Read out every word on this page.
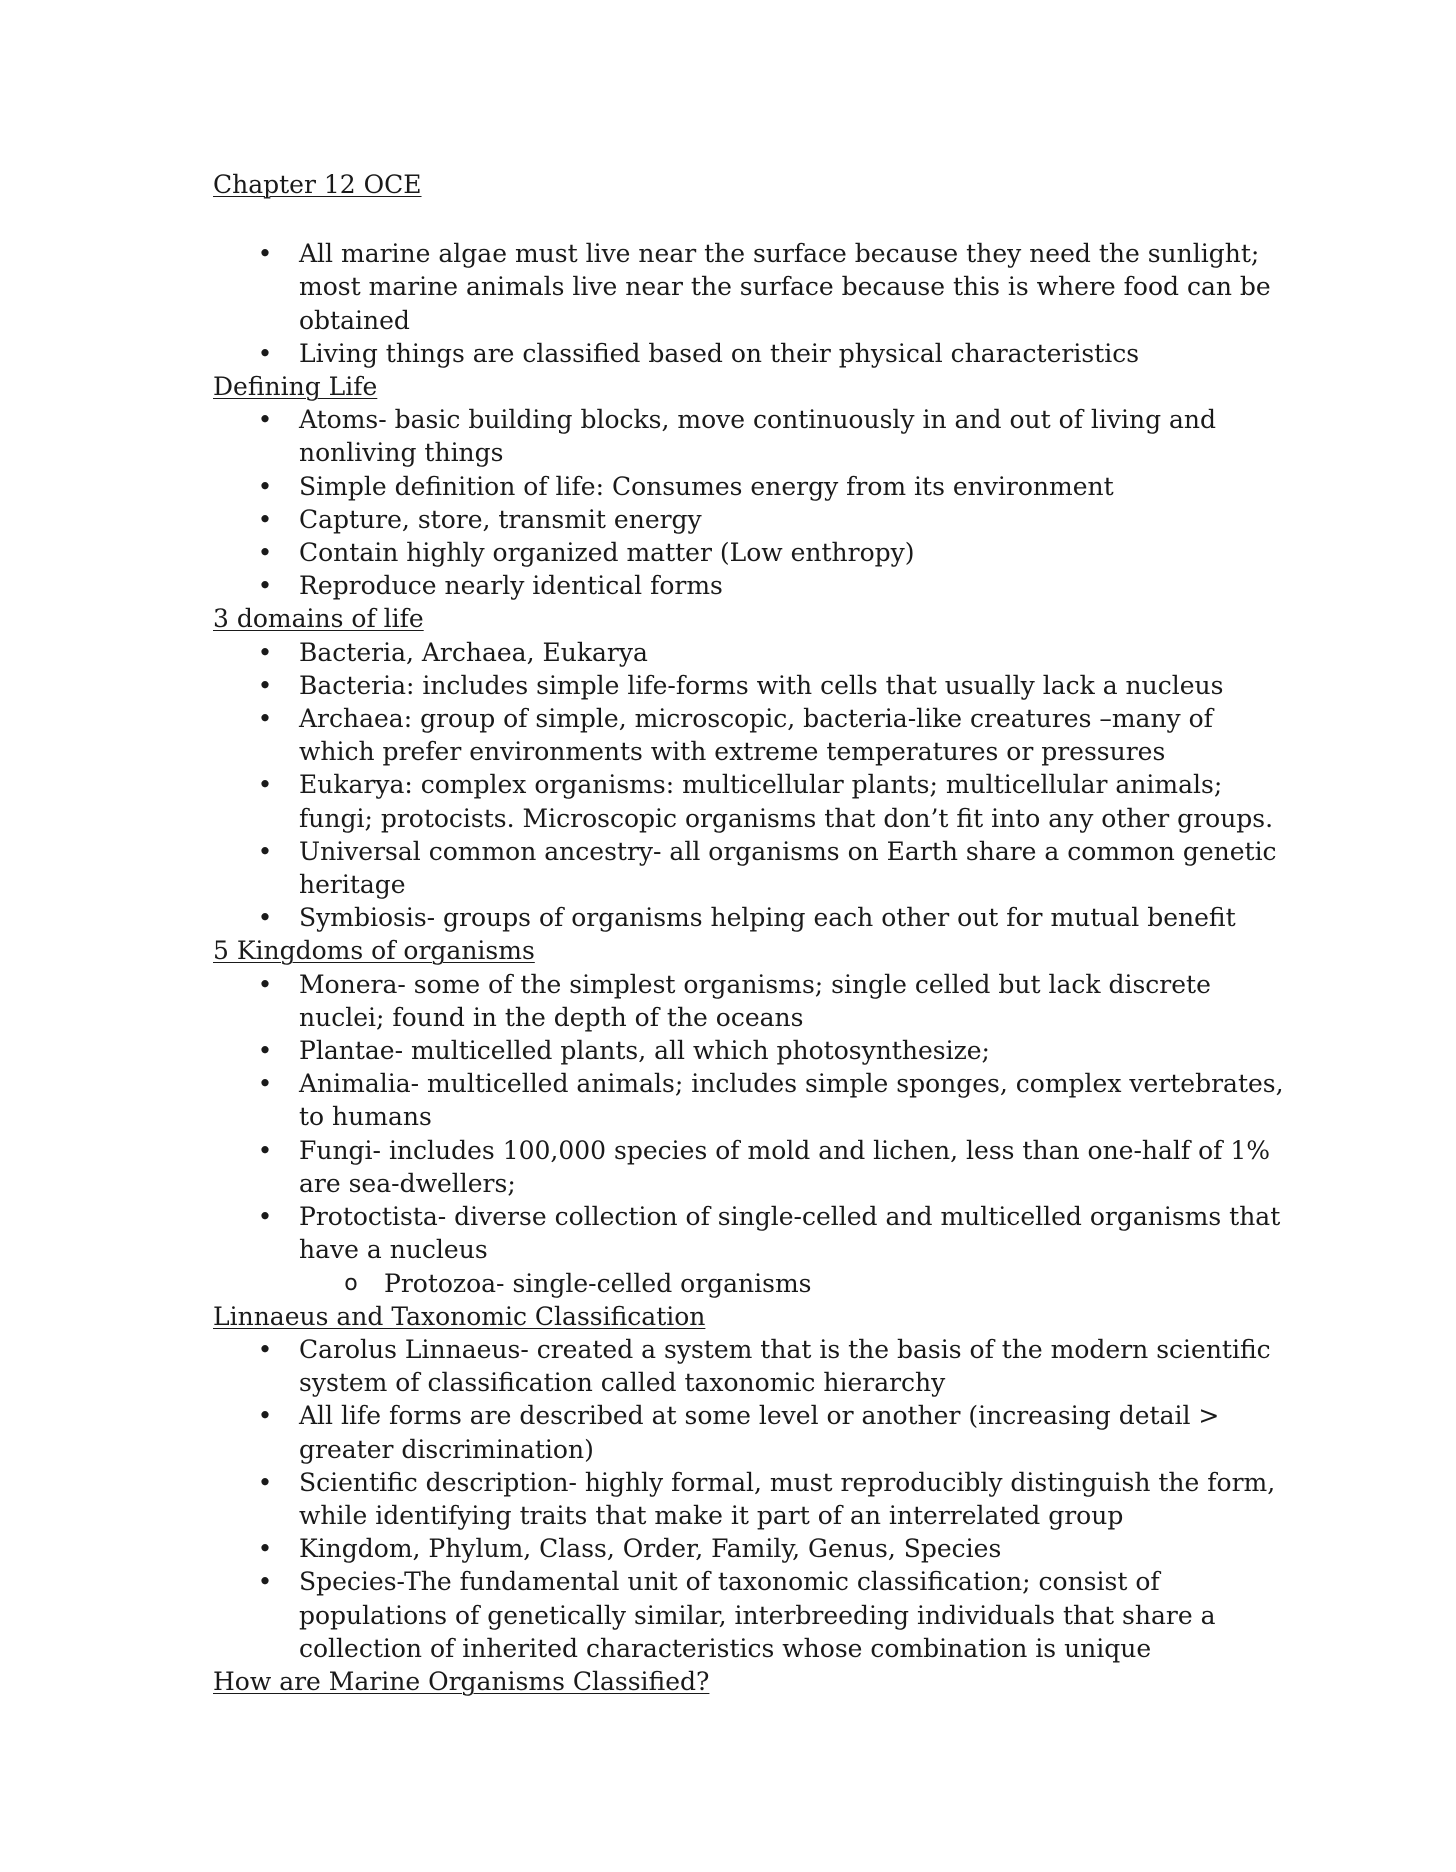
Chapter 12 OCE
• All marine algae must live near the surface because they need the sunlight;
most marine animals live near the surface because this is where food can be
obtained
• Living things are classified based on their physical characteristics
Defining Life
• Atoms- basic building blocks, move continuously in and out of living and
nonliving things
• Simple definition of life: Consumes energy from its environment
• Capture, store, transmit energy
• Contain highly organized matter (Low enthropy)
• Reproduce nearly identical forms
3 domains of life
• Bacteria, Archaea, Eukarya
• Bacteria: includes simple life-forms with cells that usually lack a nucleus
• Archaea: group of simple, microscopic, bacteria-like creatures –many of
which prefer environments with extreme temperatures or pressures
• Eukarya: complex organisms: multicellular plants; multicellular animals;
fungi; protocists. Microscopic organisms that don’t fit into any other groups.
• Universal common ancestry- all organisms on Earth share a common genetic
heritage
• Symbiosis- groups of organisms helping each other out for mutual benefit
5 Kingdoms of organisms
• Monera- some of the simplest organisms; single celled but lack discrete
nuclei; found in the depth of the oceans
• Plantae- multicelled plants, all which photosynthesize;
• Animalia- multicelled animals; includes simple sponges, complex vertebrates,
to humans
• Fungi- includes 100,000 species of mold and lichen, less than one-half of 1%
are sea-dwellers;
• Protoctista- diverse collection of single-celled and multicelled organisms that
have a nucleus
o Protozoa- single-celled organisms
Linnaeus and Taxonomic Classification
• Carolus Linnaeus- created a system that is the basis of the modern scientific
system of classification called taxonomic hierarchy
• All life forms are described at some level or another (increasing detail >
greater discrimination)
• Scientific description- highly formal, must reproducibly distinguish the form,
while identifying traits that make it part of an interrelated group
• Kingdom, Phylum, Class, Order, Family, Genus, Species
• Species-The fundamental unit of taxonomic classification; consist of
populations of genetically similar, interbreeding individuals that share a
collection of inherited characteristics whose combination is unique
How are Marine Organisms Classified?
